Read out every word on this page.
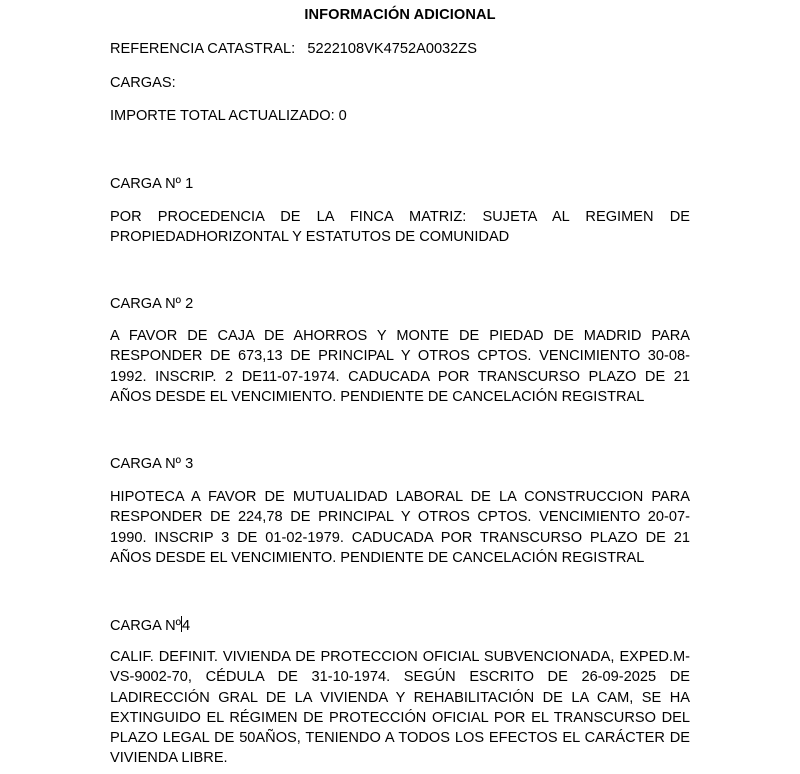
INFORMACIÓN ADICIONAL
REFERENCIA CATASTRAL: 5222108VK4752A0032ZS
CARGAS:
IMPORTE TOTAL ACTUALIZADO: 0
CARGA Nº 1
POR PROCEDENCIA DE LA FINCA MATRIZ: SUJETA AL REGIMEN DE PROPIEDADHORIZONTAL Y ESTATUTOS DE COMUNIDAD
CARGA Nº 2
A FAVOR DE CAJA DE AHORROS Y MONTE DE PIEDAD DE MADRID PARA RESPONDER DE 673,13 DE PRINCIPAL Y OTROS CPTOS. VENCIMIENTO 30-08-1992. INSCRIP. 2 DE11-07-1974. CADUCADA POR TRANSCURSO PLAZO DE 21 AÑOS DESDE EL VENCIMIENTO. PENDIENTE DE CANCELACIÓN REGISTRAL
CARGA Nº 3
HIPOTECA A FAVOR DE MUTUALIDAD LABORAL DE LA CONSTRUCCION PARA RESPONDER DE 224,78 DE PRINCIPAL Y OTROS CPTOS. VENCIMIENTO 20-07-1990. INSCRIP 3 DE 01-02-1979. CADUCADA POR TRANSCURSO PLAZO DE 21 AÑOS DESDE EL VENCIMIENTO. PENDIENTE DE CANCELACIÓN REGISTRAL
CARGA Nº4
CALIF. DEFINIT. VIVIENDA DE PROTECCION OFICIAL SUBVENCIONADA, EXPED.M-VS-9002-70, CÉDULA DE 31-10-1974. SEGÚN ESCRITO DE 26-09-2025 DE LADIRECCIÓN GRAL DE LA VIVIENDA Y REHABILITACIÓN DE LA CAM, SE HA EXTINGUIDO EL RÉGIMEN DE PROTECCIÓN OFICIAL POR EL TRANSCURSO DEL PLAZO LEGAL DE 50AÑOS, TENIENDO A TODOS LOS EFECTOS EL CARÁCTER DE VIVIENDA LIBRE.
